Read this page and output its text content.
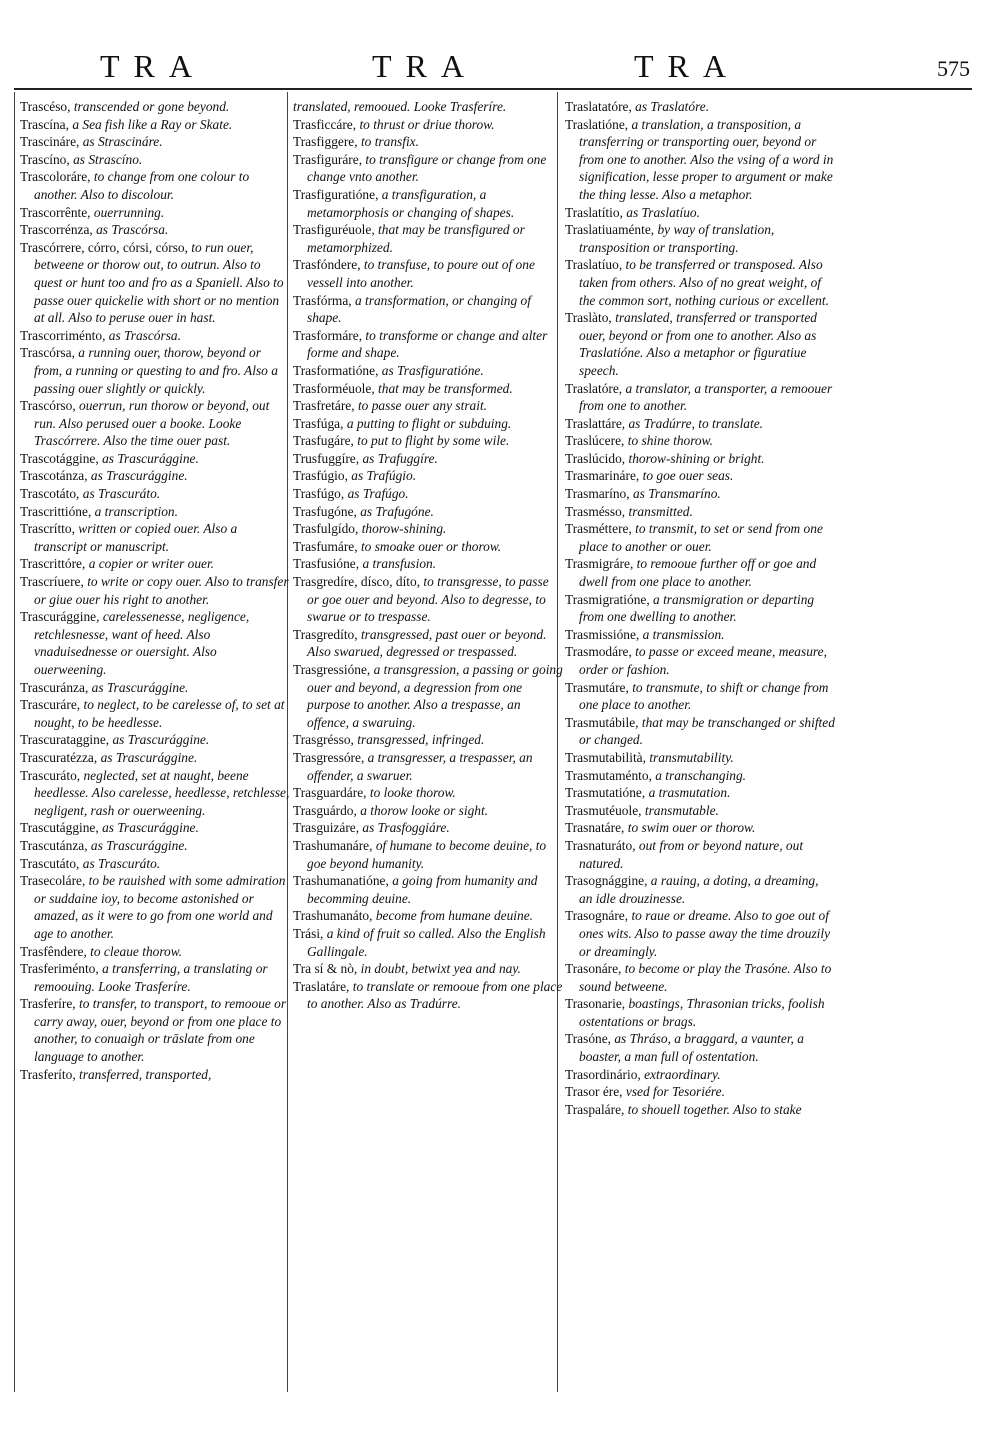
TRA	TRA	TRA	575

Trascéso, transcended or gone beyond.

Trascína, a Sea fish like a Ray or Skate.

Trascináre, as Strascináre.

Trascíno, as Strascíno.

Trascoloráre, to change from one colour to another. Also to discolour.

Trascorrênte, ouerrunning.

Trascorrénza, as Trascórsa.

Trascórrere, córro, córsi, córso, to run ouer, betweene or thorow out, to outrun. Also to quest or hunt too and fro as a Spaniell. Also to passe ouer quickelie with short or no mention at all. Also to peruse ouer in hast.

Trascorriménto, as Trascórsa.

Trascórsa, a running ouer, thorow, beyond or from, a running or questing to and fro. Also a passing ouer slightly or quickly.

Trascórso, ouerrun, run thorow or beyond, out run. Also perused ouer a booke. Looke Trascórrere. Also the time ouer past.

Trascotággine, as Trascurággine.

Trascotánza, as Trascurággine.

Trascotáto, as Trascuráto.

Trascrittióne, a transcription.

Trascrítto, written or copied ouer. Also a transcript or manuscript.

Trascrittóre, a copier or writer ouer.

Trascríuere, to write or copy ouer. Also to transfer or giue ouer his right to another.

Trascurággine, carelessenesse, negligence, retchlesnesse, want of heed. Also vnaduisednesse or ouersight. Also ouerweening.

Trascuránza, as Trascurággine.

Trascuráre, to neglect, to be carelesse of, to set at nought, to be heedlesse.

Trascurataggine, as Trascurággine.

Trascuratézza, as Trascurággine.

Trascuráto, neglected, set at naught, beene heedlesse. Also carelesse, heedlesse, retchlesse, negligent, rash or ouerweening.

Trascutággine, as Trascurággine.

Trascutánza, as Trascurággine.

Trascutáto, as Trascuráto.

Trasecoláre, to be rauished with some admiration or suddaine ioy, to become astonished or amazed, as it were to go from one world and age to another.

Trasfêndere, to cleaue thorow.

Trasferiménto, a transferring, a translating or remoouing. Looke Trasferíre.

Trasferíre, to transfer, to transport, to remooue or carry away, ouer, beyond or from one place to another, to conuaigh or trāslate from one language to another.

Trasferíto, transferred, transported,

translated, remooued. Looke Trasferíre.

Trasficcáre, to thrust or driue thorow.

Trasfiggere, to transfix.

Trasfiguráre, to transfigure or change from one change vnto another.

Trasfiguratióne, a transfiguration, a metamorphosis or changing of shapes.

Trasfiguréuole, that may be transfigured or metamorphized.

Trasfóndere, to transfuse, to poure out of one vessell into another.

Trasfórma, a transformation, or changing of shape.

Trasformáre, to transforme or change and alter forme and shape.

Trasformatióne, as Trasfiguratióne.

Trasforméuole, that may be transformed.

Trasfretáre, to passe ouer any strait.

Trasfúga, a putting to flight or subduing.

Trasfugáre, to put to flight by some wile.

Trusfuggíre, as Trafuggíre.

Trasfúgio, as Trafúgio.

Trasfúgo, as Trafúgo.

Trasfugóne, as Trafugóne.

Trasfulgído, thorow-shining.

Trasfumáre, to smoake ouer or thorow.

Trasfusióne, a transfusion.

Trasgredíre, dísco, díto, to transgresse, to passe or goe ouer and beyond. Also to degresse, to swarue or to trespasse.

Trasgredíto, transgressed, past ouer or beyond. Also swarued, degressed or trespassed.

Trasgressióne, a transgression, a passing or going ouer and beyond, a degression from one purpose to another. Also a trespasse, an offence, a swaruing.

Trasgrésso, transgressed, infringed.

Trasgressóre, a transgresser, a trespasser, an offender, a swaruer.

Trasguardáre, to looke thorow.

Trasguárdo, a thorow looke or sight.

Trasguizáre, as Trasfoggiáre.

Trashumanáre, of humane to become deuine, to goe beyond humanity.

Trashumanatióne, a going from humanity and becomming deuine.

Trashumanáto, become from humane deuine.

Trási, a kind of fruit so called. Also the English Gallingale.

Tra sí & nò, in doubt, betwixt yea and nay.

Traslatáre, to translate or remooue from one place to another. Also as Tradúrre.

Traslatatóre, as Traslatóre.

Traslatióne, a translation, a transposition, a transferring or transporting ouer, beyond or from one to another. Also the vsing of a word in signification, lesse proper to argument or make the thing lesse. Also a metaphor.

Traslatítio, as Traslatíuo.

Traslatiuaménte, by way of translation, transposition or transporting.

Traslatíuo, to be transferred or transposed. Also taken from others. Also of no great weight, of the common sort, nothing curious or excellent.

Traslàto, translated, transferred or transported ouer, beyond or from one to another. Also as Traslatióne. Also a metaphor or figuratiue speech.

Traslatóre, a translator, a transporter, a remoouer from one to another.

Traslattáre, as Tradúrre, to translate.

Traslúcere, to shine thorow.

Traslúcido, thorow-shining or bright.

Trasmarináre, to goe ouer seas.

Trasmaríno, as Transmaríno.

Trasméssо, transmitted.

Trasméttere, to transmit, to set or send from one place to another or ouer.

Trasmigráre, to remooue further off or goe and dwell from one place to another.

Trasmigratióne, a transmigration or departing from one dwelling to another.

Trasmissióne, a transmission.

Trasmodáre, to passe or exceed meane, measure, order or fashion.

Trasmutáre, to transmute, to shift or change from one place to another.

Trasmutábile, that may be transchanged or shifted or changed.

Trasmutabilità, transmutability.

Trasmutaménto, a transchanging.

Trasmutatióne, a trasmutation.

Trasmutéuole, transmutable.

Trasnatáre, to swim ouer or thorow.

Trasnaturáto, out from or beyond nature, out natured.

Trasognággine, a rauing, a doting, a dreaming, an idle drouzinesse.

Trasognáre, to raue or dreame. Also to goe out of ones wits. Also to passe away the time drouzily or dreamingly.

Trasonáre, to become or play the Trasóne. Also to sound betweene.

Trasonarie, boastings, Thrasonian tricks, foolish ostentations or brags.

Trasóne, as Thráso, a braggard, a vaunter, a boaster, a man full of ostentation.

Trasordinário, extraordinary.

Trasor ére, vsed for Tesoriére.

Traspaláre, to shouell together. Also to stake
